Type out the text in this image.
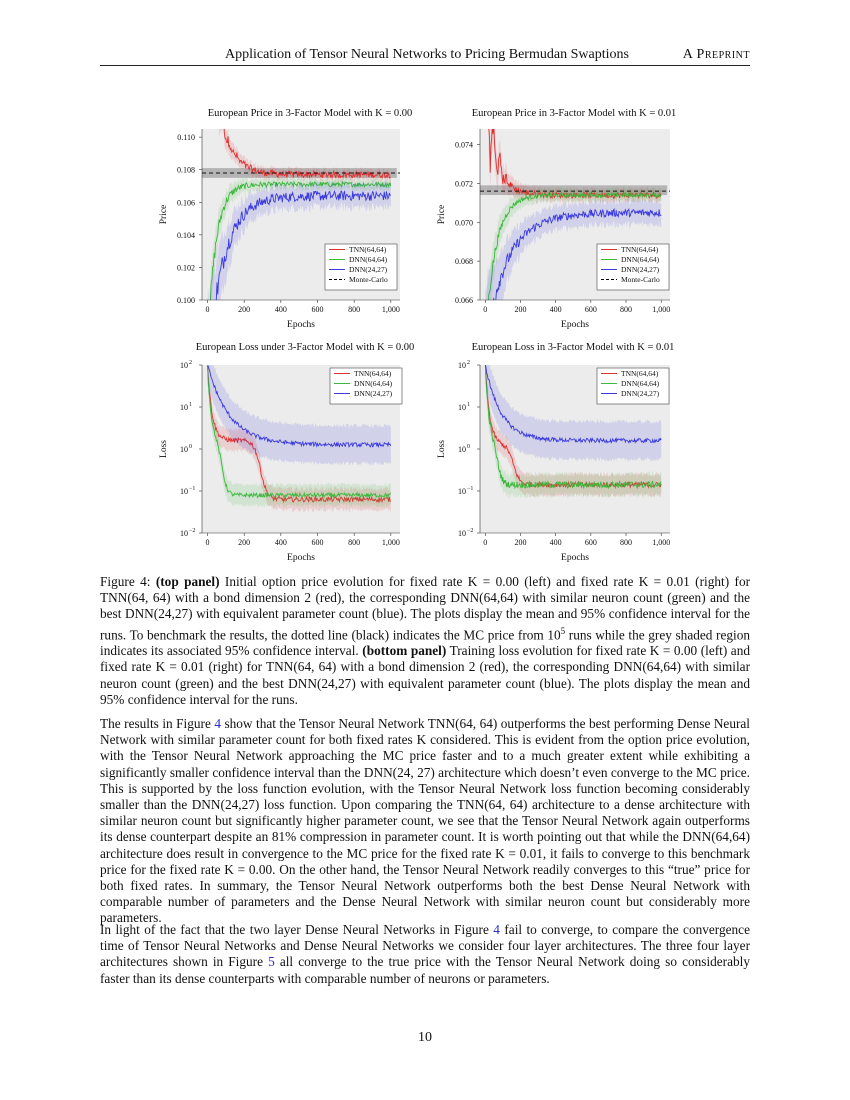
Application of Tensor Neural Networks to Pricing Bermudan Swaptions	A Preprint
European Price in 3-Factor Model with K = 0.00
0	200	400	600	800	1,000
Epochs
Price
0.100
0.102
0.104
0.106
0.108
0.110
TNN(64,64)
DNN(64,64)
DNN(24,27)
Monte-Carlo
European Price in 3-Factor Model with K = 0.01
0	200	400	600	800	1,000
Epochs
Price
0.066
0.068
0.070
0.072
0.074
TNN(64,64)
DNN(64,64)
DNN(24,27)
Monte-Carlo
European Loss under 3-Factor Model with K = 0.00
0	200	400	600	800	1,000
Epochs
Loss
10 −2
10 −1
10 0
10 1
10 2
TNN(64,64)
DNN(64,64)
DNN(24,27)
European Loss in 3-Factor Model with K = 0.01
0	200	400	600	800	1,000
Epochs
Loss
10 −2
10 −1
10 0
10 1
10 2
TNN(64,64)
DNN(64,64)
DNN(24,27)
Figure 4: (top panel) Initial option price evolution for fixed rate K = 0.00 (left) and fixed rate K = 0.01 (right) for TNN(64, 64) with a bond dimension 2 (red), the corresponding DNN(64,64) with similar neuron count (green) and the best DNN(24,27) with equivalent parameter count (blue). The plots display the mean and 95% confidence interval for the runs. To benchmark the results, the dotted line (black) indicates the MC price from $10^5$ runs while the grey shaded region indicates its associated 95% confidence interval. (bottom panel) Training loss evolution for fixed rate K = 0.00 (left) and fixed rate K = 0.01 (right) for TNN(64, 64) with a bond dimension 2 (red), the corresponding DNN(64,64) with similar neuron count (green) and the best DNN(24,27) with equivalent parameter count (blue). The plots display the mean and 95% confidence interval for the runs.
The results in Figure 4 show that the Tensor Neural Network TNN(64, 64) outperforms the best performing Dense Neural Network with similar parameter count for both fixed rates K considered. This is evident from the option price evolution, with the Tensor Neural Network approaching the MC price faster and to a much greater extent while exhibiting a significantly smaller confidence interval than the DNN(24, 27) architecture which doesn’t even converge to the MC price. This is supported by the loss function evolution, with the Tensor Neural Network loss function becoming considerably smaller than the DNN(24,27) loss function. Upon comparing the TNN(64, 64) architecture to a dense architecture with similar neuron count but significantly higher parameter count, we see that the Tensor Neural Network again outperforms its dense counterpart despite an 81% compression in parameter count. It is worth pointing out that while the DNN(64,64) architecture does result in convergence to the MC price for the fixed rate K = 0.01, it fails to converge to this benchmark price for the fixed rate K = 0.00. On the other hand, the Tensor Neural Network readily converges to this “true” price for both fixed rates. In summary, the Tensor Neural Network outperforms both the best Dense Neural Network with comparable number of parameters and the Dense Neural Network with similar neuron count but considerably more parameters.
In light of the fact that the two layer Dense Neural Networks in Figure 4 fail to converge, to compare the convergence time of Tensor Neural Networks and Dense Neural Networks we consider four layer architectures. The three four layer architectures shown in Figure 5 all converge to the true price with the Tensor Neural Network doing so considerably faster than its dense counterparts with comparable number of neurons or parameters.
10
